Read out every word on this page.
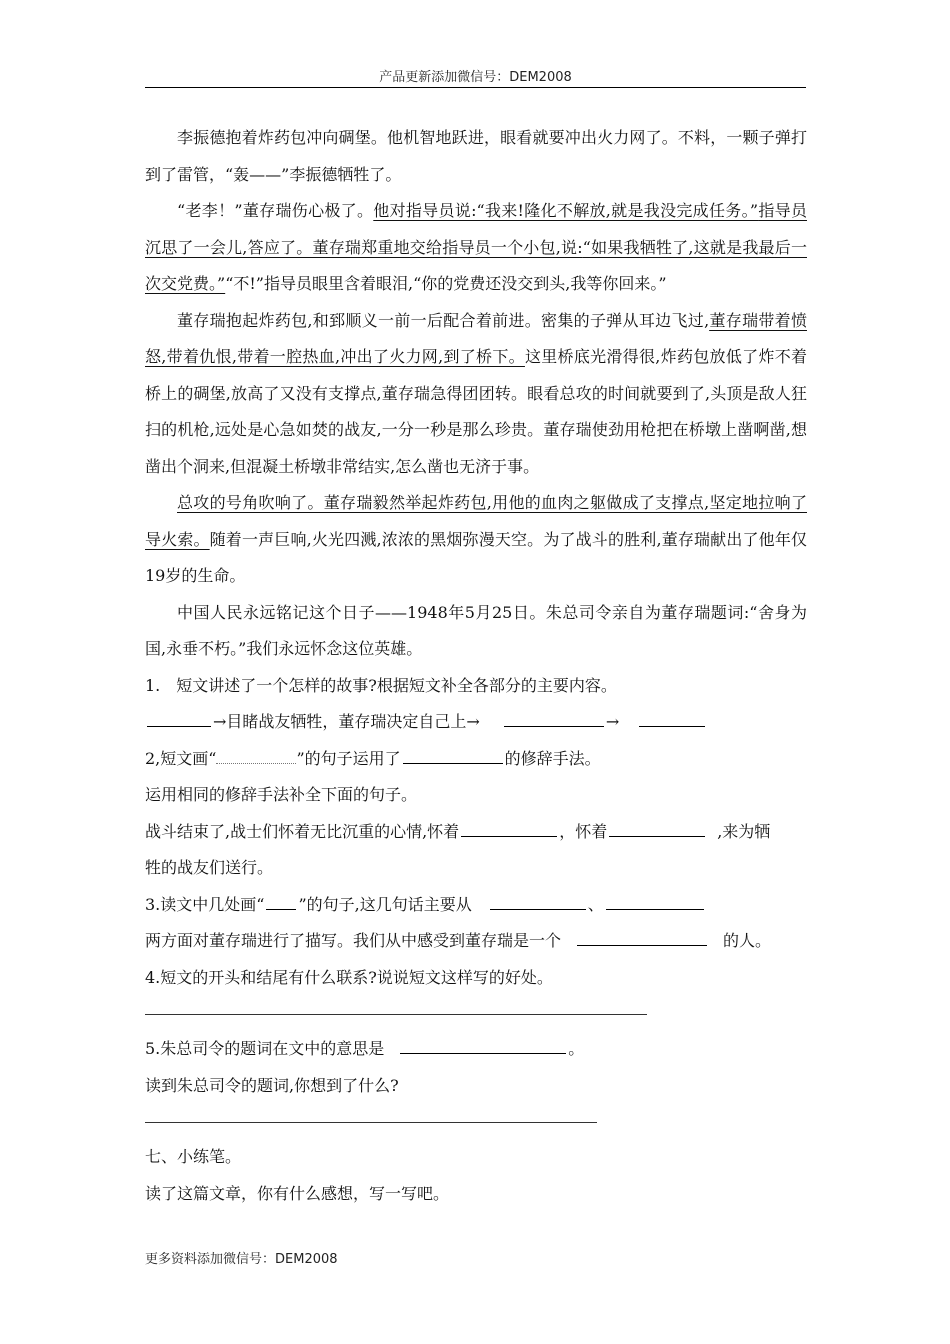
产品更新添加微信号：DEM2008

李振德抱着炸药包冲向碉堡。他机智地跃进，眼看就要冲出火力网了。不料，一颗子弹打到了雷管，“轰——”李振德牺牲了。

“老李！”董存瑞伤心极了。他对指导员说:“我来!隆化不解放,就是我没完成任务。”指导员沉思了一会儿,答应了。董存瑞郑重地交给指导员一个小包,说:“如果我牺牲了,这就是我最后一次交党费。”“不!”指导员眼里含着眼泪,“你的党费还没交到头,我等你回来。”

董存瑞抱起炸药包,和郅顺义一前一后配合着前进。密集的子弹从耳边飞过,董存瑞带着愤怒,带着仇恨,带着一腔热血,冲出了火力网,到了桥下。这里桥底光滑得很,炸药包放低了炸不着桥上的碉堡,放高了又没有支撑点,董存瑞急得团团转。眼看总攻的时间就要到了,头顶是敌人狂扫的机枪,远处是心急如焚的战友,一分一秒是那么珍贵。董存瑞使劲用枪把在桥墩上凿啊凿,想凿出个洞来,但混凝土桥墩非常结实,怎么凿也无济于事。

总攻的号角吹响了。董存瑞毅然举起炸药包,用他的血肉之躯做成了支撑点,坚定地拉响了导火索。随着一声巨响,火光四溅,浓浓的黑烟弥漫天空。为了战斗的胜利,董存瑞献出了他年仅19岁的生命。

中国人民永远铭记这个日子——1948年5月25日。朱总司令亲自为董存瑞题词:“舍身为国,永垂不朽。”我们永远怀念这位英雄。

1.　短文讲述了一个怎样的故事?根据短文补全各部分的主要内容。

→目睹战友牺牲，董存瑞决定自己上→	→

2,短文画“	”的句子运用了	的修辞手法。

运用相同的修辞手法补全下面的句子。

战斗结束了,战士们怀着无比沉重的心情,怀着	，怀着	,来为牺

牲的战友们送行。

3.读文中几处画“ ”的句子,这几句话主要从	、

两方面对董存瑞进行了描写。我们从中感受到董存瑞是一个	的人。

4.短文的开头和结尾有什么联系?说说短文这样写的好处。

5.朱总司令的题词在文中的意思是	。

读到朱总司令的题词,你想到了什么?

七、小练笔。

读了这篇文章，你有什么感想，写一写吧。

更多资料添加微信号：DEM2008
